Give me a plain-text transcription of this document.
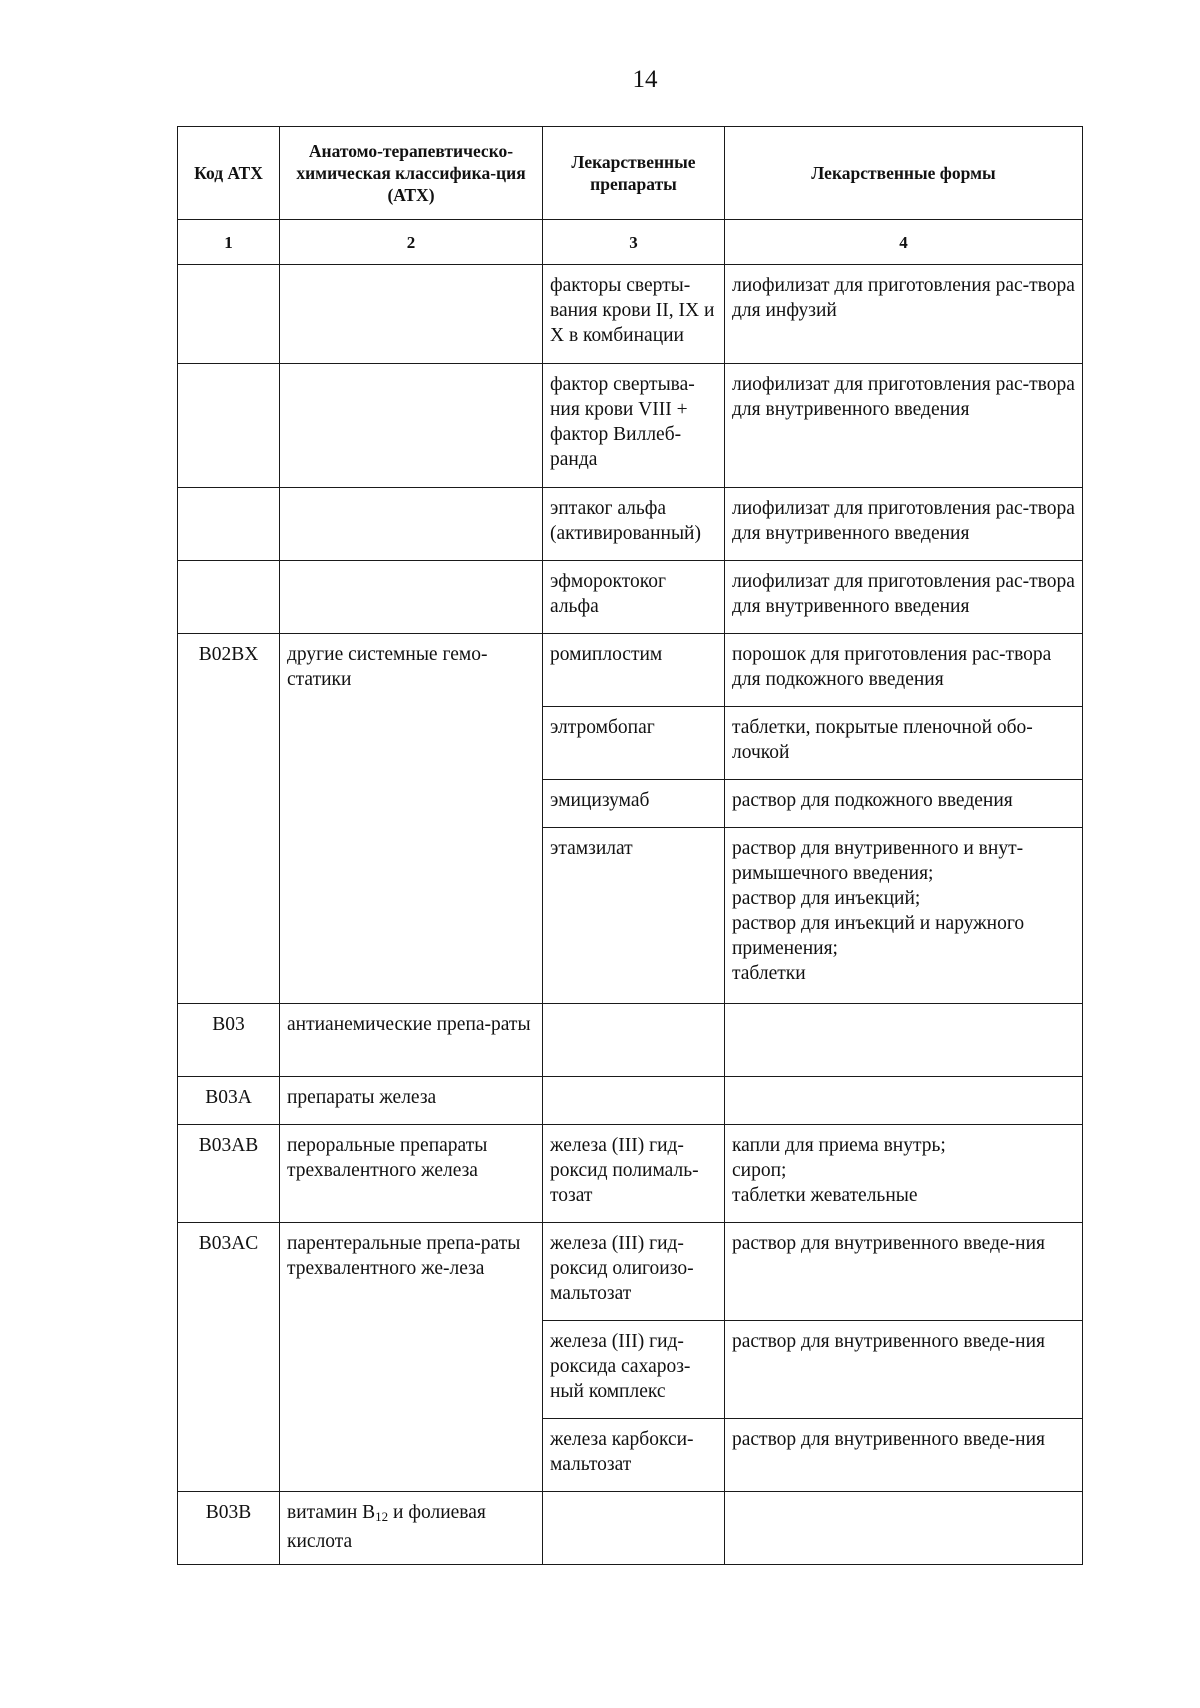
14
Код АТХ	Анатомо-терапевтическо-химическая классифика-ция (АТХ)	Лекарственные препараты	Лекарственные формы
1	2	3	4
		факторы сверты-вания крови II, IX и X в комбинации	лиофилизат для приготовления рас-твора для инфузий

		фактор свертыва-ния крови VIII + фактор Виллеб-ранда	лиофилизат для приготовления рас-твора для внутривенного введения

		эптаког альфа (активированный)	лиофилизат для приготовления рас-твора для внутривенного введения

		эфмороктоког альфа	лиофилизат для приготовления рас-твора для внутривенного введения

B02BX	другие системные гемо-статики	ромиплостим	порошок для приготовления рас-твора для подкожного введения

		элтромбопаг	таблетки, покрытые пленочной обо-лочкой

		эмицизумаб	раствор для подкожного введения

		этамзилат	раствор для внутривенного и внут-римышечного введения;
раствор для инъекций;
раствор для инъекций и наружного применения;
таблетки

B03	антианемические препа-раты		
B03A	препараты железа		
B03AB	пероральные препараты трехвалентного железа	железа (III) гид-роксид полималь-тозат	капли для приема внутрь;
сироп;
таблетки жевательные

B03AC	парентеральные препа-раты трехвалентного же-леза	железа (III) гид-роксид олигоизо-мальтозат	раствор для внутривенного введе-ния

		железа (III) гид-роксида сахароз-ный комплекс	раствор для внутривенного введе-ния

		железа карбокси-мальтозат	раствор для внутривенного введе-ния

B03B	витамин $B_{12}$ и фолиевая кислота		
